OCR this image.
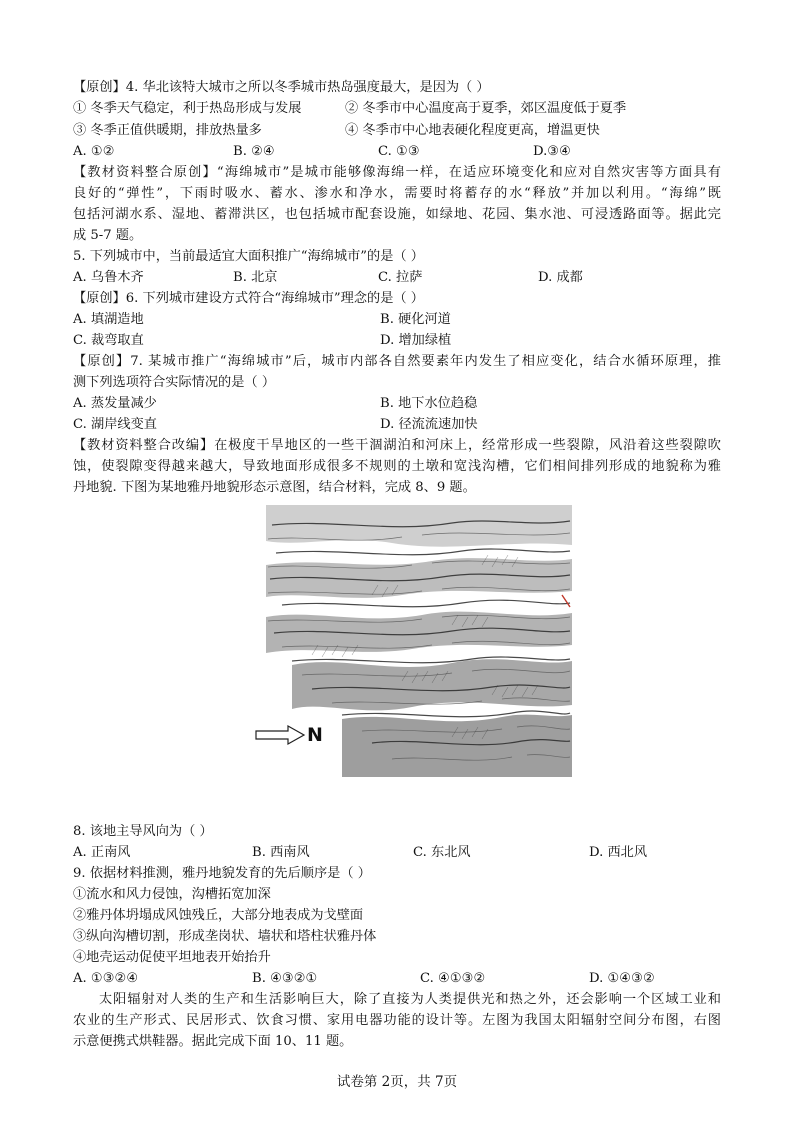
【原创】4. 华北该特大城市之所以冬季城市热岛强度最大，是因为（ ）
① 冬季天气稳定，利于热岛形成与发展	② 冬季市中心温度高于夏季，郊区温度低于夏季
③ 冬季正值供暖期，排放热量多	④ 冬季市中心地表硬化程度更高，增温更快
A. ①②	B. ②④	C. ①③	D.③④
【教材资料整合原创】“海绵城市”是城市能够像海绵一样，在适应环境变化和应对自然灾害等方面具有
良好的“弹性”，下雨时吸水、蓄水、渗水和净水，需要时将蓄存的水“释放”并加以利用。“海绵”既
包括河湖水系、湿地、蓄滞洪区，也包括城市配套设施，如绿地、花园、集水池、可浸透路面等。据此完
成 5-7 题。
5. 下列城市中，当前最适宜大面积推广“海绵城市”的是（ ）
A. 乌鲁木齐	B. 北京	C. 拉萨	D. 成都
【原创】6. 下列城市建设方式符合“海绵城市”理念的是（ ）
A. 填湖造地	B. 硬化河道
C. 裁弯取直	D. 增加绿植
【原创】7. 某城市推广“海绵城市”后，城市内部各自然要素年内发生了相应变化，结合水循环原理，推
测下列选项符合实际情况的是（ ）
A. 蒸发量减少	B. 地下水位趋稳
C. 湖岸线变直	D. 径流流速加快
【教材资料整合改编】在极度干旱地区的一些干涸湖泊和河床上，经常形成一些裂隙，风沿着这些裂隙吹
蚀，使裂隙变得越来越大，导致地面形成很多不规则的土墩和宽浅沟槽，它们相间排列形成的地貌称为雅
丹地貌. 下图为某地雅丹地貌形态示意图，结合材料，完成 8、9 题。
N
8. 该地主导风向为（ ）
A. 正南风	B. 西南风	C. 东北风	D. 西北风
9. 依据材料推测，雅丹地貌发育的先后顺序是（ ）
①流水和风力侵蚀，沟槽拓宽加深
②雅丹体坍塌成风蚀残丘，大部分地表成为戈壁面
③纵向沟槽切割，形成垄岗状、墙状和塔柱状雅丹体
④地壳运动促使平坦地表开始抬升
A. ①③②④	B. ④③②①	C. ④①③②	D. ①④③②
太阳辐射对人类的生产和生活影响巨大，除了直接为人类提供光和热之外，还会影响一个区域工业和
农业的生产形式、民居形式、饮食习惯、家用电器功能的设计等。左图为我国太阳辐射空间分布图，右图
示意便携式烘鞋器。据此完成下面 10、11 题。
试卷第 2页，共 7页
